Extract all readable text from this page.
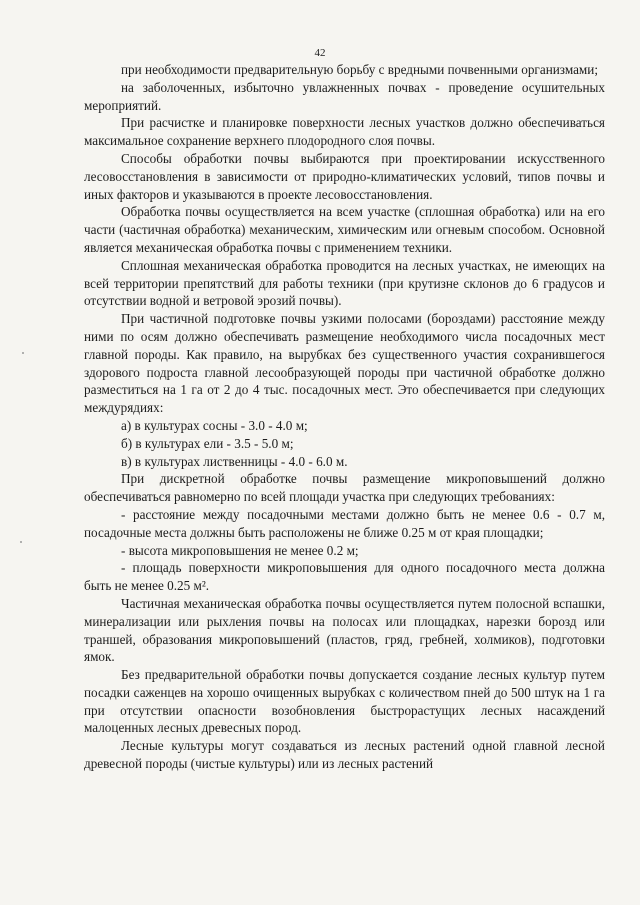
42

при необходимости предварительную борьбу с вредными почвенными организмами;

на заболоченных, избыточно увлажненных почвах - проведение осушительных мероприятий.

При расчистке и планировке поверхности лесных участков должно обеспечиваться максимальное сохранение верхнего плодородного слоя почвы.

Способы обработки почвы выбираются при проектировании искусственного лесовосстановления в зависимости от природно-климатических условий, типов почвы и иных факторов и указываются в проекте лесовосстановления.

Обработка почвы осуществляется на всем участке (сплошная обработка) или на его части (частичная обработка) механическим, химическим или огневым способом. Основной является механическая обработка почвы с применением техники.

Сплошная механическая обработка проводится на лесных участках, не имеющих на всей территории препятствий для работы техники (при крутизне склонов до 6 градусов и отсутствии водной и ветровой эрозий почвы).

При частичной подготовке почвы узкими полосами (бороздами) расстояние между ними по осям должно обеспечивать размещение необходимого числа посадочных мест главной породы. Как правило, на вырубках без существенного участия сохранившегося здорового подроста главной лесообразующей породы при частичной обработке должно разместиться на 1 га от 2 до 4 тыс. посадочных мест. Это обеспечивается при следующих междурядиях:

а) в культурах сосны - 3.0 - 4.0 м;

б) в культурах ели - 3.5 - 5.0 м;

в) в культурах лиственницы - 4.0 - 6.0 м.

При дискретной обработке почвы размещение микроповышений должно обеспечиваться равномерно по всей площади участка при следующих требованиях:

- расстояние между посадочными местами должно быть не менее 0.6 - 0.7 м, посадочные места должны быть расположены не ближе 0.25 м от края площадки;

- высота микроповышения не менее 0.2 м;

- площадь поверхности микроповышения для одного посадочного места должна быть не менее 0.25 м².

Частичная механическая обработка почвы осуществляется путем полосной вспашки, минерализации или рыхления почвы на полосах или площадках, нарезки борозд или траншей, образования микроповышений (пластов, гряд, гребней, холмиков), подготовки ямок.

Без предварительной обработки почвы допускается создание лесных культур путем посадки саженцев на хорошо очищенных вырубках с количеством пней до 500 штук на 1 га при отсутствии опасности возобновления быстрорастущих лесных насаждений малоценных лесных древесных пород.

Лесные культуры могут создаваться из лесных растений одной главной лесной древесной породы (чистые культуры) или из лесных растений
